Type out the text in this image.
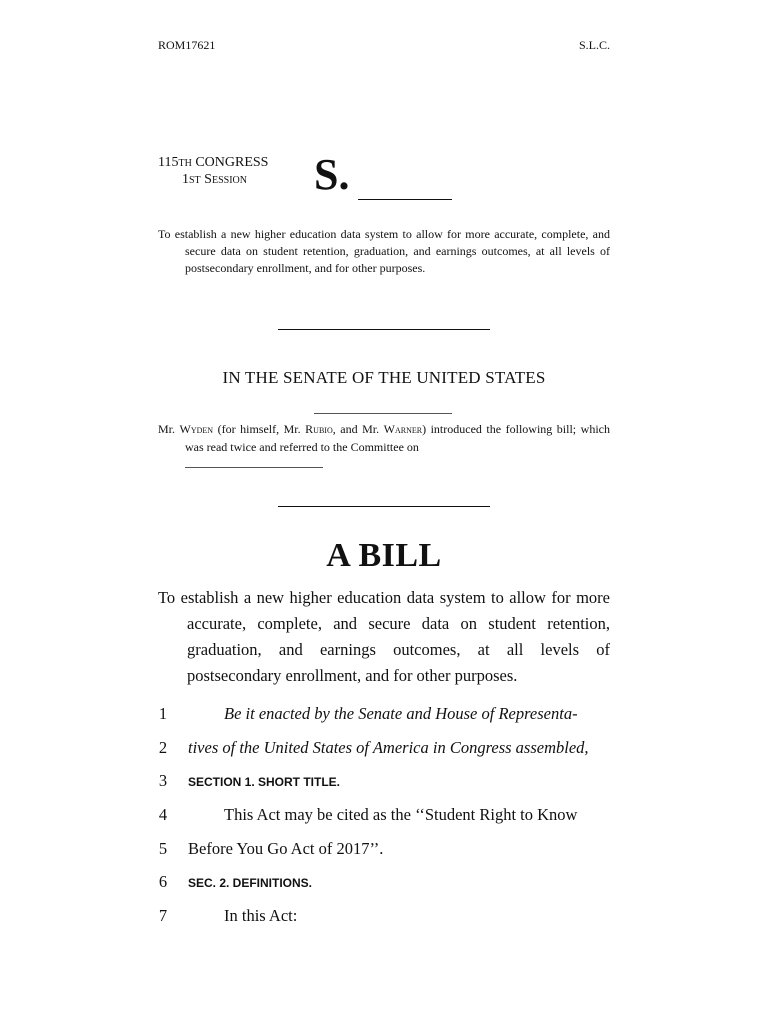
ROM17621	S.L.C.
115TH CONGRESS
1ST Session S.
To establish a new higher education data system to allow for more accurate, complete, and secure data on student retention, graduation, and earnings outcomes, at all levels of postsecondary enrollment, and for other purposes.
IN THE SENATE OF THE UNITED STATES
Mr. Wyden (for himself, Mr. Rubio, and Mr. Warner) introduced the following bill; which was read twice and referred to the Committee on
A BILL
To establish a new higher education data system to allow for more accurate, complete, and secure data on student retention, graduation, and earnings outcomes, at all levels of postsecondary enrollment, and for other purposes.
1	Be it enacted by the Senate and House of Representa-
2	tives of the United States of America in Congress assembled,
3	SECTION 1. SHORT TITLE.
4	This Act may be cited as the ‘‘Student Right to Know
5	Before You Go Act of 2017’’.
6	SEC. 2. DEFINITIONS.
7	In this Act:
